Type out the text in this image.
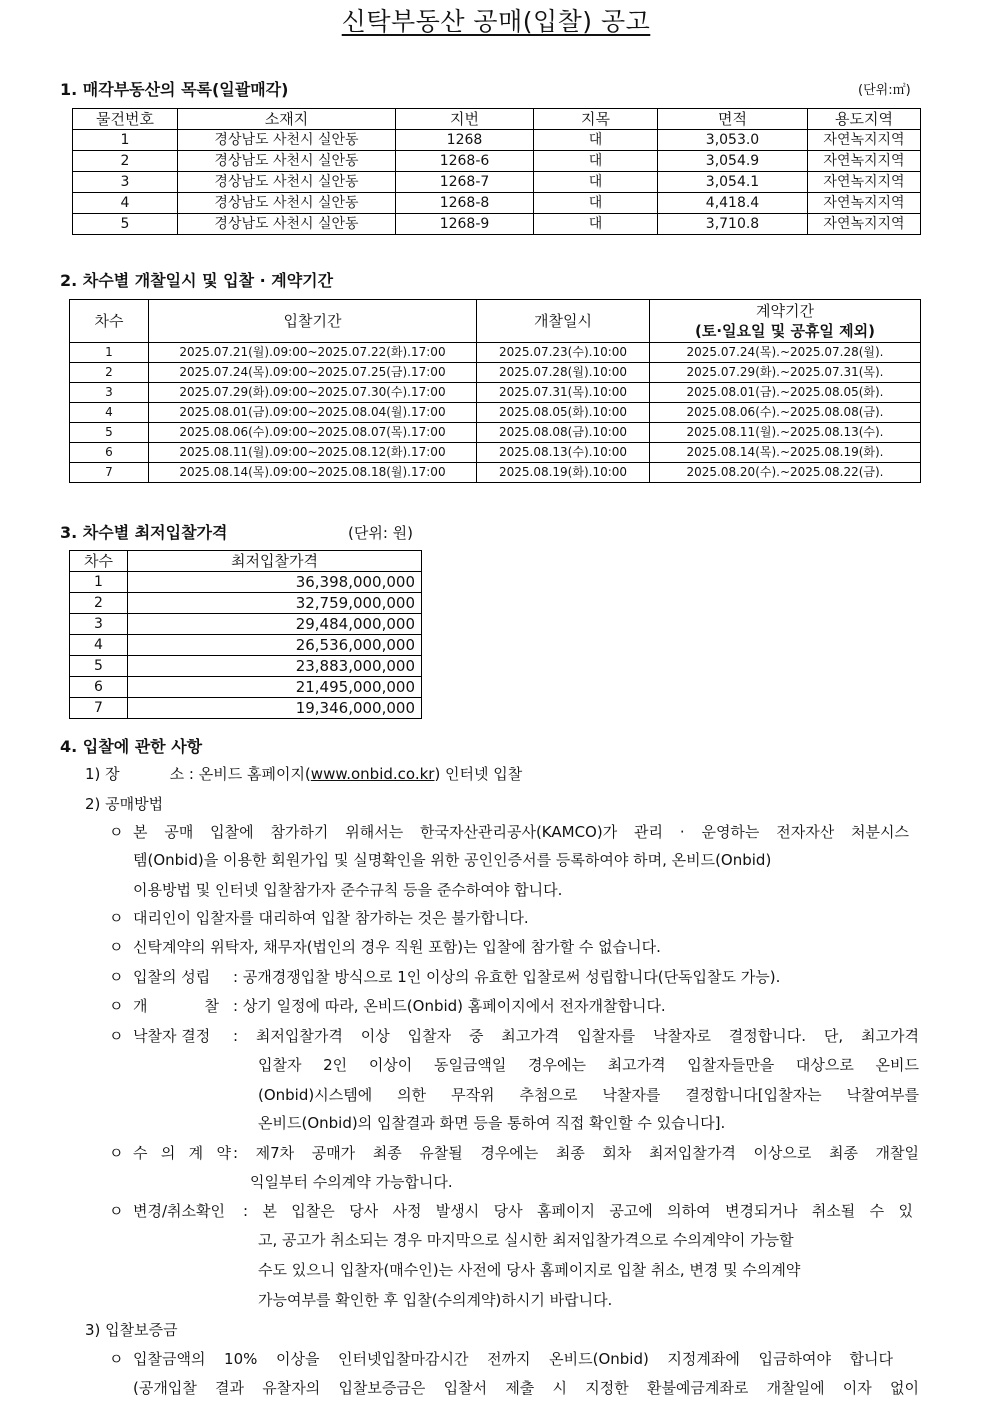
신탁부동산 공매(입찰) 공고
1. 매각부동산의 목록(일괄매각)	(단위:㎡)
물건번호	소재지	지번	지목	면적	용도지역
1	경상남도 사천시 실안동	1268	대	3,053.0	자연녹지지역
2	경상남도 사천시 실안동	1268-6	대	3,054.9	자연녹지지역
3	경상남도 사천시 실안동	1268-7	대	3,054.1	자연녹지지역
4	경상남도 사천시 실안동	1268-8	대	4,418.4	자연녹지지역
5	경상남도 사천시 실안동	1268-9	대	3,710.8	자연녹지지역
2. 차수별 개찰일시 및 입찰 · 계약기간
차수	입찰기간	개찰일시	계약기간
(토·일요일 및 공휴일 제외)

1	2025.07.21(월).09:00~2025.07.22(화).17:00	2025.07.23(수).10:00	2025.07.24(목).~2025.07.28(월).
2	2025.07.24(목).09:00~2025.07.25(금).17:00	2025.07.28(월).10:00	2025.07.29(화).~2025.07.31(목).
3	2025.07.29(화).09:00~2025.07.30(수).17:00	2025.07.31(목).10:00	2025.08.01(금).~2025.08.05(화).
4	2025.08.01(금).09:00~2025.08.04(월).17:00	2025.08.05(화).10:00	2025.08.06(수).~2025.08.08(금).
5	2025.08.06(수).09:00~2025.08.07(목).17:00	2025.08.08(금).10:00	2025.08.11(월).~2025.08.13(수).
6	2025.08.11(월).09:00~2025.08.12(화).17:00	2025.08.13(수).10:00	2025.08.14(목).~2025.08.19(화).
7	2025.08.14(목).09:00~2025.08.18(월).17:00	2025.08.19(화).10:00	2025.08.20(수).~2025.08.22(금).
3. 차수별 최저입찰가격	(단위: 원)
차수	최저입찰가격
1	36,398,000,000
2	32,759,000,000
3	29,484,000,000
4	26,536,000,000
5	23,883,000,000
6	21,495,000,000
7	19,346,000,000
4. 입찰에 관한 사항
1) 장	소 : 온비드 홈페이지(www.onbid.co.kr) 인터넷 입찰
2) 공매방법
ㅇ 본 공매 입찰에 참가하기 위해서는 한국자산관리공사(KAMCO)가 관리 · 운영하는 전자자산 처분시스
템(Onbid)을 이용한 회원가입 및 실명확인을 위한 공인인증서를 등록하여야 하며, 온비드(Onbid)
이용방법 및 인터넷 입찰참가자 준수규칙 등을 준수하여야 합니다.
ㅇ 대리인이 입찰자를 대리하여 입찰 참가하는 것은 불가합니다.
ㅇ 신탁계약의 위탁자, 채무자(법인의 경우 직원 포함)는 입찰에 참가할 수 없습니다.
ㅇ 입찰의 성립 : 공개경쟁입찰 방식으로 1인 이상의 유효한 입찰로써 성립합니다(단독입찰도 가능).
ㅇ 개 찰 : 상기 일정에 따라, 온비드(Onbid) 홈페이지에서 전자개찰합니다.
ㅇ 낙찰자 결정 : 최저입찰가격 이상 입찰자 중 최고가격 입찰자를 낙찰자로 결정합니다. 단, 최고가격
입찰자 2인 이상이 동일금액일 경우에는 최고가격 입찰자들만을 대상으로 온비드
(Onbid)시스템에 의한 무작위 추첨으로 낙찰자를 결정합니다[입찰자는 낙찰여부를
온비드(Onbid)의 입찰결과 화면 등을 통하여 직접 확인할 수 있습니다].
ㅇ 수 의 계 약 : 제7차 공매가 최종 유찰될 경우에는 최종 회차 최저입찰가격 이상으로 최종 개찰일
익일부터 수의계약 가능합니다.
ㅇ 변경/취소확인 : 본 입찰은 당사 사정 발생시 당사 홈페이지 공고에 의하여 변경되거나 취소될 수 있
고, 공고가 취소되는 경우 마지막으로 실시한 최저입찰가격으로 수의계약이 가능할
수도 있으니 입찰자(매수인)는 사전에 당사 홈페이지로 입찰 취소, 변경 및 수의계약
가능여부를 확인한 후 입찰(수의계약)하시기 바랍니다.
3) 입찰보증금
ㅇ 입찰금액의 10% 이상을 인터넷입찰마감시간 전까지 온비드(Onbid) 지정계좌에 입금하여야 합니다
(공개입찰 결과 유찰자의 입찰보증금은 입찰서 제출 시 지정한 환불예금계좌로 개찰일에 이자 없이
